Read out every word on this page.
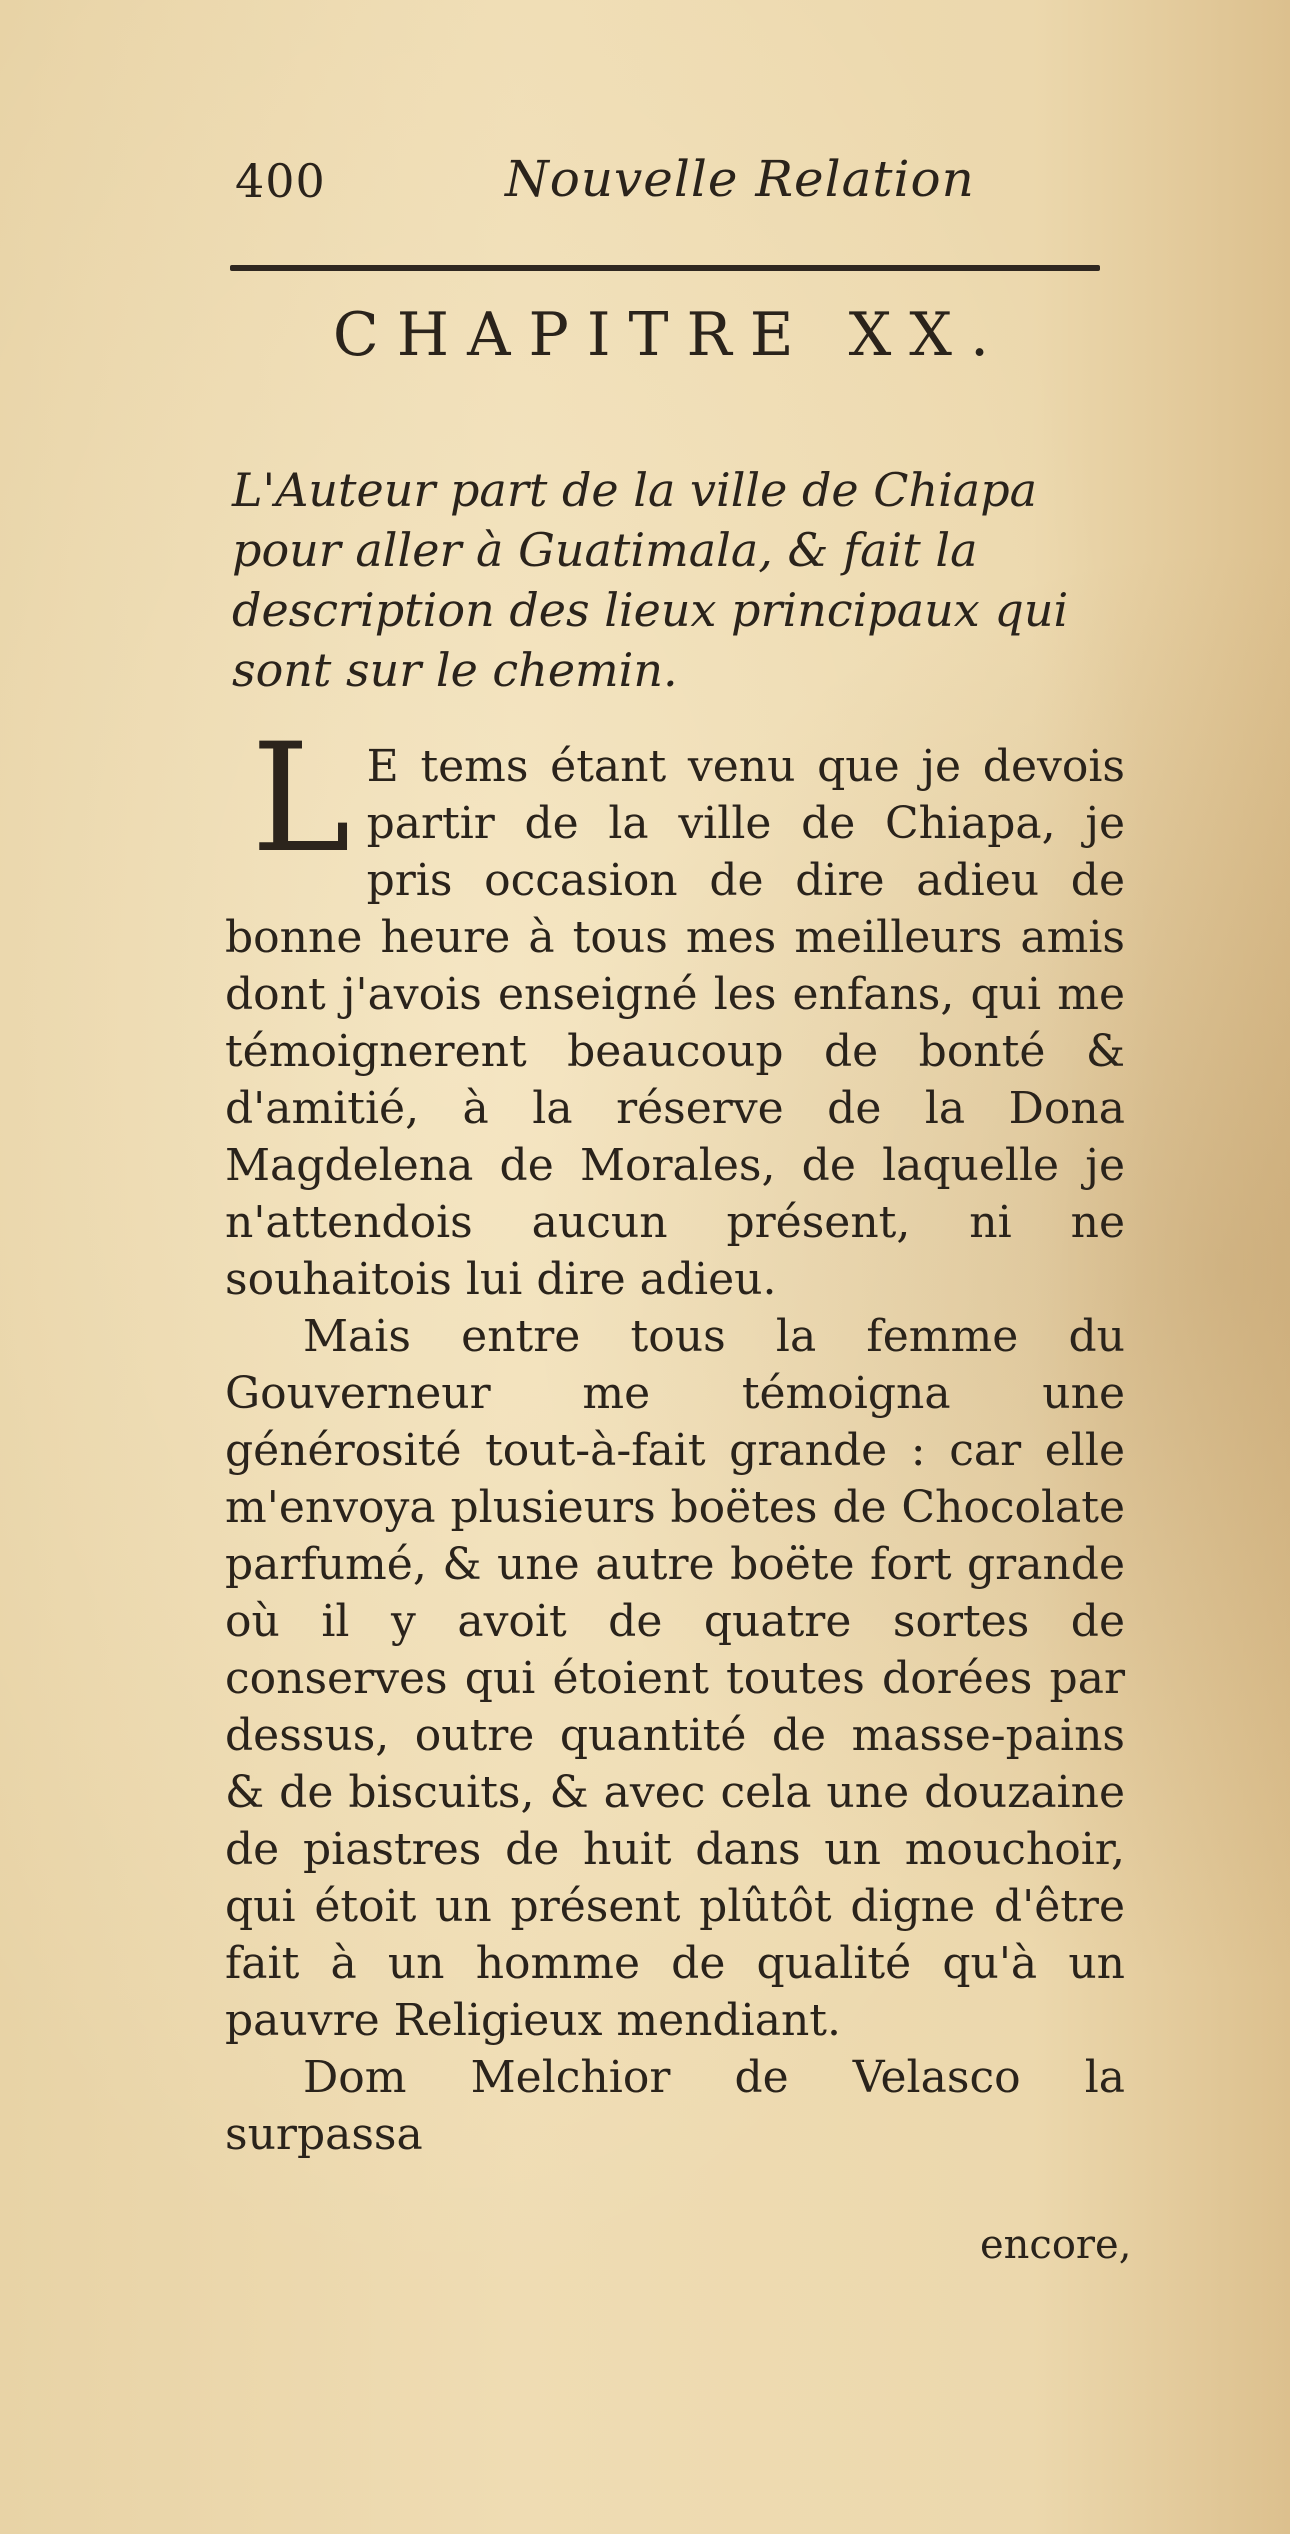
400	Nouvelle Relation
CHAPITRE XX.

L'Auteur part de la ville de Chiapa pour aller à Guatimala, & fait la description des lieux principaux qui sont sur le chemin.

L E tems étant venu que je devois partir de la ville de Chiapa, je pris occasion de dire adieu de bonne heure à tous mes meilleurs amis dont j'avois enseigné les enfans, qui me témoignerent beaucoup de bonté & d'amitié, à la réserve de la Dona Magdelena de Morales, de laquelle je n'attendois aucun présent, ni ne souhaitois lui dire adieu.

Mais entre tous la femme du Gouverneur me témoigna une générosité tout-à-fait grande : car elle m'envoya plusieurs boëtes de Chocolate parfumé, & une autre boëte fort grande où il y avoit de quatre sortes de conserves qui étoient toutes dorées par dessus, outre quantité de masse-pains & de biscuits, & avec cela une douzaine de piastres de huit dans un mouchoir, qui étoit un présent plûtôt digne d'être fait à un homme de qualité qu'à un pauvre Religieux mendiant.

Dom Melchior de Velasco la surpassa

encore,
